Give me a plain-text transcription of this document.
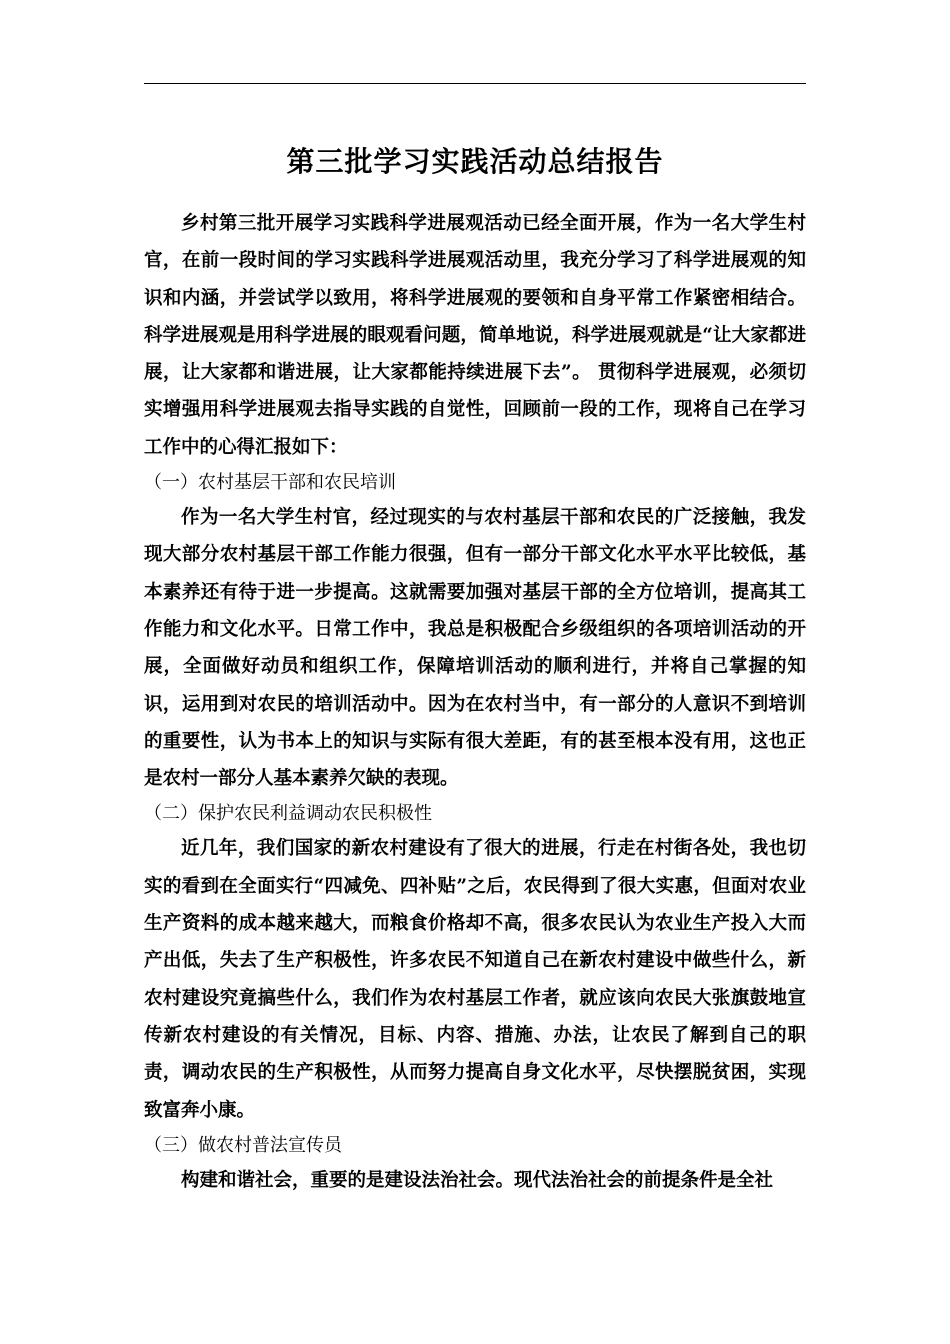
第三批学习实践活动总结报告

乡村第三批开展学习实践科学进展观活动已经全面开展，作为一名大学生村官，在前一段时间的学习实践科学进展观活动里，我充分学习了科学进展观的知识和内涵，并尝试学以致用，将科学进展观的要领和自身平常工作紧密相结合。科学进展观是用科学进展的眼观看问题，简单地说，科学进展观就是“让大家都进展，让大家都和谐进展，让大家都能持续进展下去”。 贯彻科学进展观，必须切实增强用科学进展观去指导实践的自觉性，回顾前一段的工作，现将自己在学习工作中的心得汇报如下：

（一）农村基层干部和农民培训

作为一名大学生村官，经过现实的与农村基层干部和农民的广泛接触，我发现大部分农村基层干部工作能力很强，但有一部分干部文化水平水平比较低，基本素养还有待于进一步提高。这就需要加强对基层干部的全方位培训，提高其工作能力和文化水平。日常工作中，我总是积极配合乡级组织的各项培训活动的开展，全面做好动员和组织工作，保障培训活动的顺利进行，并将自己掌握的知识，运用到对农民的培训活动中。因为在农村当中，有一部分的人意识不到培训的重要性，认为书本上的知识与实际有很大差距，有的甚至根本没有用，这也正是农村一部分人基本素养欠缺的表现。

（二）保护农民利益调动农民积极性

近几年，我们国家的新农村建设有了很大的进展，行走在村街各处，我也切实的看到在全面实行“四减免、四补贴”之后，农民得到了很大实惠，但面对农业生产资料的成本越来越大，而粮食价格却不高，很多农民认为农业生产投入大而产出低，失去了生产积极性，许多农民不知道自己在新农村建设中做些什么，新农村建设究竟搞些什么，我们作为农村基层工作者，就应该向农民大张旗鼓地宣传新农村建设的有关情况，目标、内容、措施、办法，让农民了解到自己的职责，调动农民的生产积极性，从而努力提高自身文化水平，尽快摆脱贫困，实现致富奔小康。

（三）做农村普法宣传员

构建和谐社会，重要的是建设法治社会。现代法治社会的前提条件是全社
